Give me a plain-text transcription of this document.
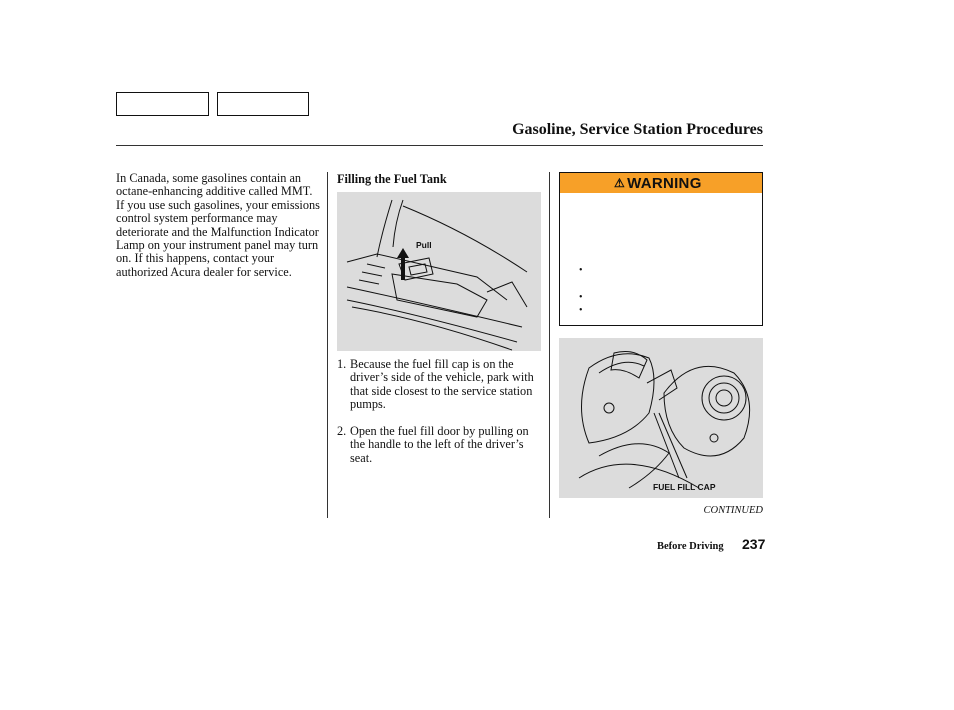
Gasoline, Service Station Procedures
In Canada, some gasolines contain an octane-enhancing additive called MMT. If you use such gasolines, your emissions control system performance may deteriorate and the Malfunction Indicator Lamp on your instrument panel may turn on. If this happens, contact your authorized Acura dealer for service.
Filling the Fuel Tank
Pull
1. Because the fuel fill cap is on the driver’s side of the vehicle, park with that side closest to the service station pumps.
2. Open the fuel fill door by pulling on the handle to the left of the driver’s seat.
⚠ WARNING
•
•
•
FUEL FILL CAP
CONTINUED
Before Driving 237
